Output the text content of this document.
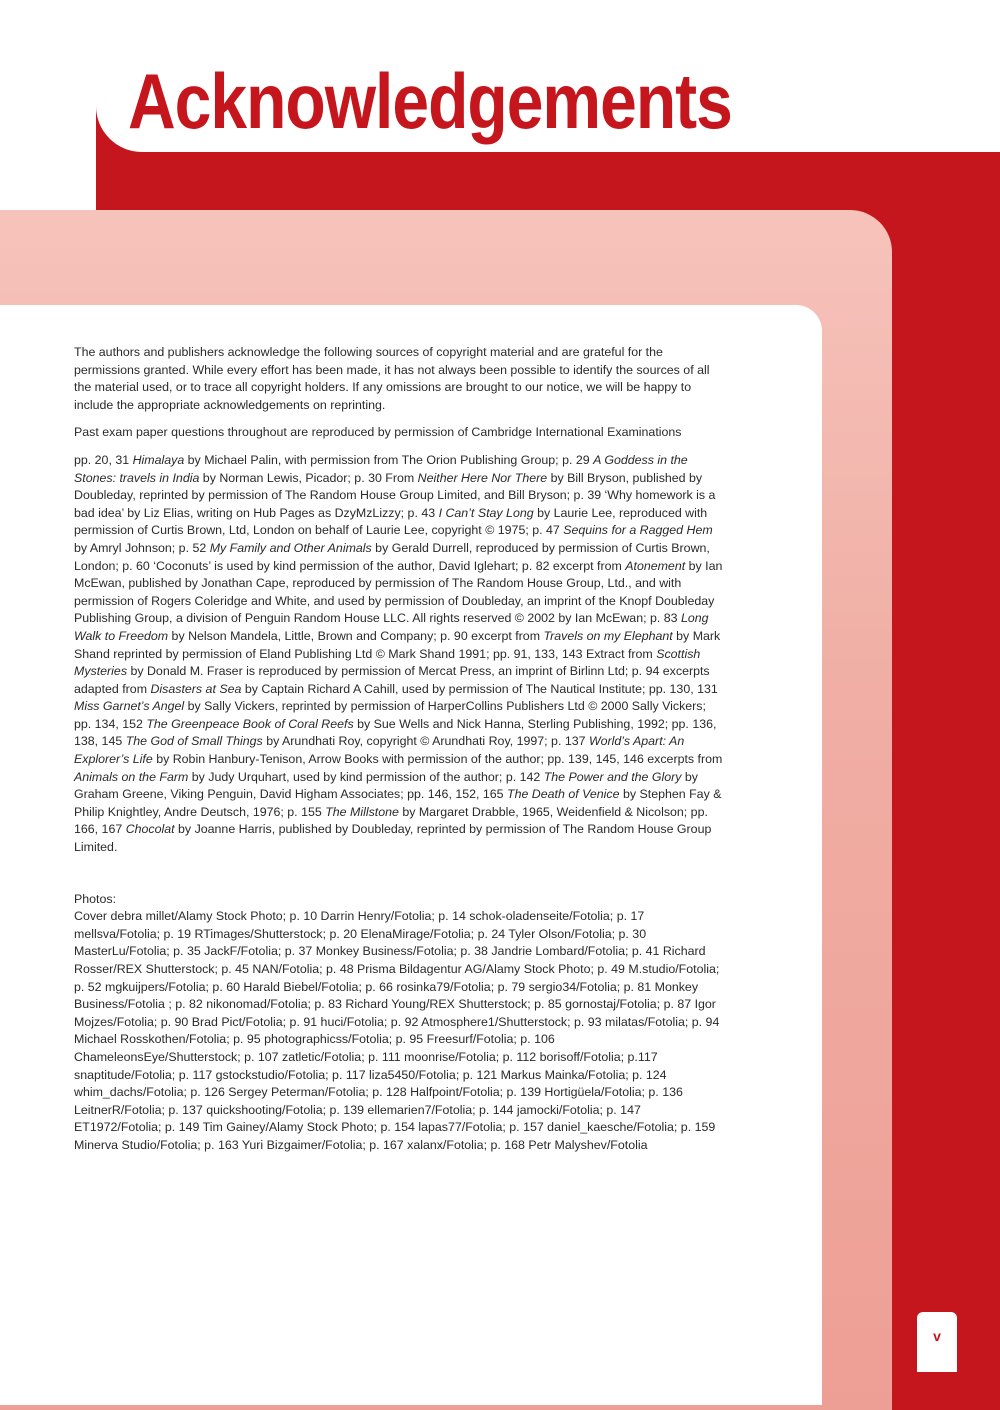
Acknowledgements

The authors and publishers acknowledge the following sources of copyright material and are grateful for the permissions granted. While every effort has been made, it has not always been possible to identify the sources of all the material used, or to trace all copyright holders. If any omissions are brought to our notice, we will be happy to include the appropriate acknowledgements on reprinting.

Past exam paper questions throughout are reproduced by permission of Cambridge International Examinations

pp. 20, 31 Himalaya by Michael Palin, with permission from The Orion Publishing Group; p. 29 A Goddess in the Stones: travels in India by Norman Lewis, Picador; p. 30 From Neither Here Nor There by Bill Bryson, published by Doubleday, reprinted by permission of The Random House Group Limited, and Bill Bryson; p. 39 ‘Why homework is a bad idea’ by Liz Elias, writing on Hub Pages as DzyMzLizzy; p. 43 I Can’t Stay Long by Laurie Lee, reproduced with permission of Curtis Brown, Ltd, London on behalf of Laurie Lee, copyright © 1975; p. 47 Sequins for a Ragged Hem by Amryl Johnson; p. 52 My Family and Other Animals by Gerald Durrell, reproduced by permission of Curtis Brown, London; p. 60 ‘Coconuts’ is used by kind permission of the author, David Iglehart; p. 82 excerpt from Atonement by Ian McEwan, published by Jonathan Cape, reproduced by permission of The Random House Group, Ltd., and with permission of Rogers Coleridge and White, and used by permission of Doubleday, an imprint of the Knopf Doubleday Publishing Group, a division of Penguin Random House LLC. All rights reserved © 2002 by Ian McEwan; p. 83 Long Walk to Freedom by Nelson Mandela, Little, Brown and Company; p. 90 excerpt from Travels on my Elephant by Mark Shand reprinted by permission of Eland Publishing Ltd © Mark Shand 1991; pp. 91, 133, 143 Extract from Scottish Mysteries by Donald M. Fraser is reproduced by permission of Mercat Press, an imprint of Birlinn Ltd; p. 94 excerpts adapted from Disasters at Sea by Captain Richard A Cahill, used by permission of The Nautical Institute; pp. 130, 131 Miss Garnet’s Angel by Sally Vickers, reprinted by permission of HarperCollins Publishers Ltd © 2000 Sally Vickers; pp. 134, 152 The Greenpeace Book of Coral Reefs by Sue Wells and Nick Hanna, Sterling Publishing, 1992; pp. 136, 138, 145 The God of Small Things by Arundhati Roy, copyright © Arundhati Roy, 1997; p. 137 World’s Apart: An Explorer’s Life by Robin Hanbury-Tenison, Arrow Books with permission of the author; pp. 139, 145, 146 excerpts from Animals on the Farm by Judy Urquhart, used by kind permission of the author; p. 142 The Power and the Glory by Graham Greene, Viking Penguin, David Higham Associates; pp. 146, 152, 165 The Death of Venice by Stephen Fay & Philip Knightley, Andre Deutsch, 1976; p. 155 The Millstone by Margaret Drabble, 1965, Weidenfield & Nicolson; pp. 166, 167 Chocolat by Joanne Harris, published by Doubleday, reprinted by permission of The Random House Group Limited.

Photos:

Cover debra millet/Alamy Stock Photo; p. 10 Darrin Henry/Fotolia; p. 14 schok-oladenseite/Fotolia; p. 17 mellsva/Fotolia; p. 19 RTimages/Shutterstock; p. 20 ElenaMirage/Fotolia; p. 24 Tyler Olson/Fotolia; p. 30 MasterLu/Fotolia; p. 35 JackF/Fotolia; p. 37 Monkey Business/Fotolia; p. 38 Jandrie Lombard/Fotolia; p. 41 Richard Rosser/REX Shutterstock; p. 45 NAN/Fotolia; p. 48 Prisma Bildagentur AG/Alamy Stock Photo; p. 49 M.studio/Fotolia; p. 52 mgkuijpers/Fotolia; p. 60 Harald Biebel/Fotolia; p. 66 rosinka79/Fotolia; p. 79 sergio34/Fotolia; p. 81 Monkey Business/Fotolia ; p. 82 nikonomad/Fotolia; p. 83 Richard Young/REX Shutterstock; p. 85 gornostaj/Fotolia; p. 87 Igor Mojzes/Fotolia; p. 90 Brad Pict/Fotolia; p. 91 huci/Fotolia; p. 92 Atmosphere1/Shutterstock; p. 93 milatas/Fotolia; p. 94 Michael Rosskothen/Fotolia; p. 95 photographicss/Fotolia; p. 95 Freesurf/Fotolia; p. 106 ChameleonsEye/Shutterstock; p. 107 zatletic/Fotolia; p. 111 moonrise/Fotolia; p. 112 borisoff/Fotolia; p.117 snaptitude/Fotolia; p. 117 gstockstudio/Fotolia; p. 117 liza5450/Fotolia; p. 121 Markus Mainka/Fotolia; p. 124 whim_dachs/Fotolia; p. 126 Sergey Peterman/Fotolia; p. 128 Halfpoint/Fotolia; p. 139 Hortigüela/Fotolia; p. 136 LeitnerR/Fotolia; p. 137 quickshooting/Fotolia; p. 139 ellemarien7/Fotolia; p. 144 jamocki/Fotolia; p. 147 ET1972/Fotolia; p. 149 Tim Gainey/Alamy Stock Photo; p. 154 lapas77/Fotolia; p. 157 daniel_kaesche/Fotolia; p. 159 Minerva Studio/Fotolia; p. 163 Yuri Bizgaimer/Fotolia; p. 167 xalanx/Fotolia; p. 168 Petr Malyshev/Fotolia

v
